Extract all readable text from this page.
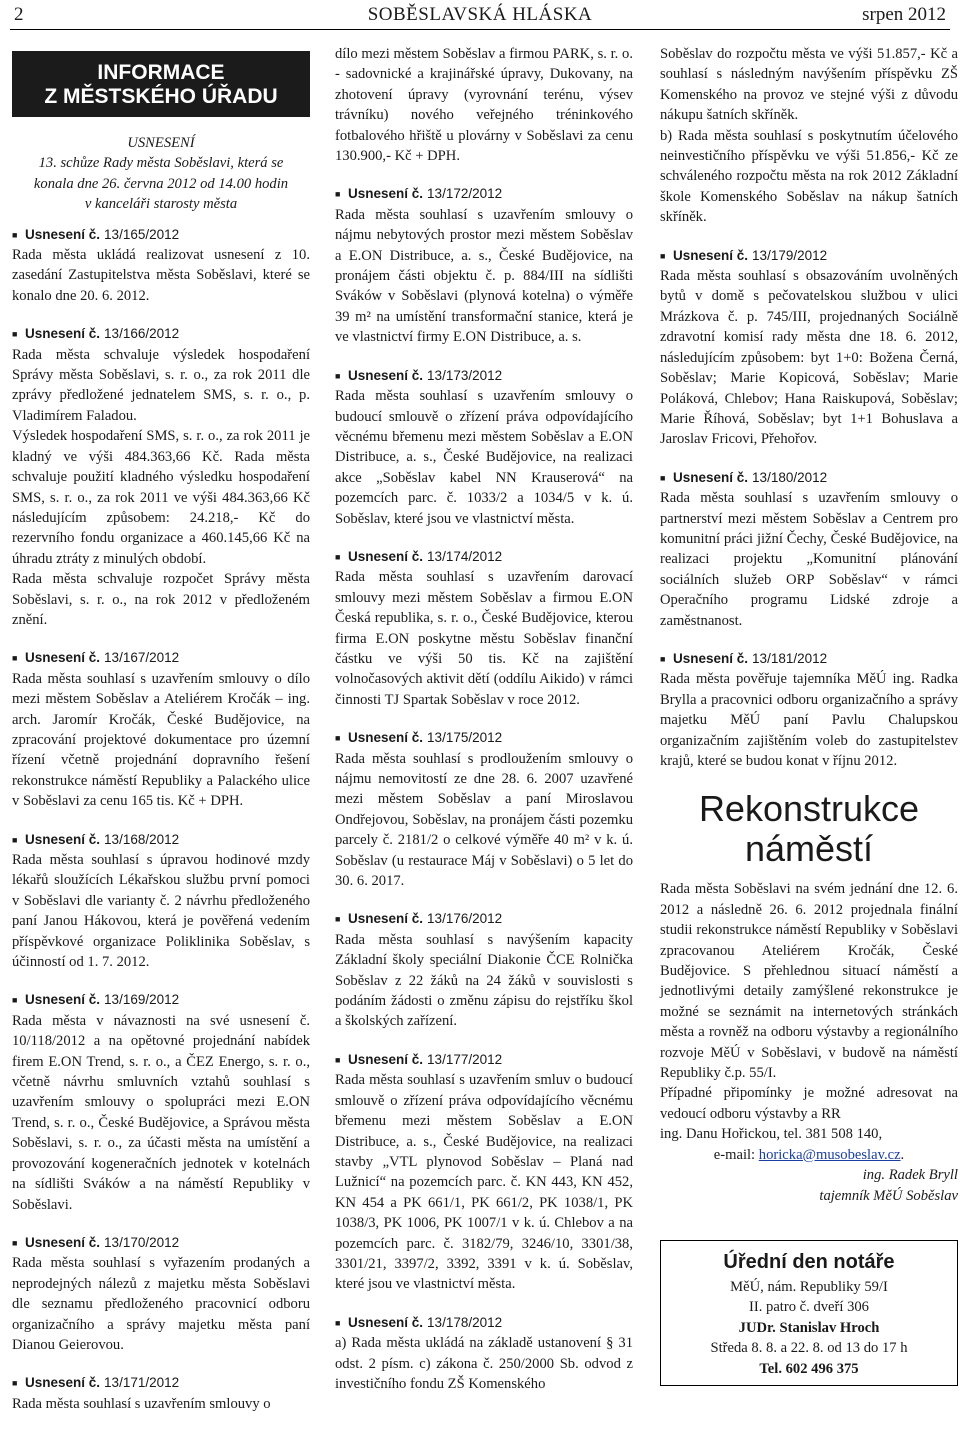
2	SOBĚSLAVSKÁ HLÁSKA	srpen 2012
INFORMACE
Z MĚSTSKÉHO ÚŘADU
USNESENÍ
13. schůze Rady města Soběslavi, která se
konala dne 26. června 2012 od 14.00 hodin
v kanceláři starosty města
■ Usnesení č. 13/165/2012
Rada města ukládá realizovat usnesení z 10. zasedání Zastupitelstva města Soběslavi, které se konalo dne 20. 6. 2012.
■ Usnesení č. 13/166/2012
Rada města schvaluje výsledek hospodaření Správy města Soběslavi, s. r. o., za rok 2011 dle zprávy předložené jednatelem SMS, s. r. o., p. Vladimírem Faladou.
Výsledek hospodaření SMS, s. r. o., za rok 2011 je kladný ve výši 484.363,66 Kč. Rada města schvaluje použití kladného výsledku hospodaření SMS, s. r. o., za rok 2011 ve výši 484.363,66 Kč následujícím způsobem: 24.218,- Kč do rezervního fondu organizace a 460.145,66 Kč na úhradu ztráty z minulých období.
Rada města schvaluje rozpočet Správy města Soběslavi, s. r. o., na rok 2012 v předloženém znění.
■ Usnesení č. 13/167/2012
Rada města souhlasí s uzavřením smlouvy o dílo mezi městem Soběslav a Ateliérem Kročák – ing. arch. Jaromír Kročák, České Budějovice, na zpracování projektové dokumentace pro územní řízení včetně projednání dopravního řešení rekonstrukce náměstí Republiky a Palackého ulice v Soběslavi za cenu 165 tis. Kč + DPH.
■ Usnesení č. 13/168/2012
Rada města souhlasí s úpravou hodinové mzdy lékařů sloužících Lékařskou službu první pomoci v Soběslavi dle varianty č. 2 návrhu předloženého paní Janou Hákovou, která je pověřená vedením příspěvkové organizace Poliklinika Soběslav, s účinností od 1. 7. 2012.
■ Usnesení č. 13/169/2012
Rada města v návaznosti na své usnesení č. 10/118/2012 a na opětovné projednání nabídek firem E.ON Trend, s. r. o., a ČEZ Energo, s. r. o., včetně návrhu smluvních vztahů souhlasí s uzavřením smlouvy o spolupráci mezi E.ON Trend, s. r. o., České Budějovice, a Správou města Soběslavi, s. r. o., za účasti města na umístění a provozování kogeneračních jednotek v kotelnách na sídlišti Sváków a na náměstí Republiky v Soběslavi.
■ Usnesení č. 13/170/2012
Rada města souhlasí s vyřazením prodaných a neprodejných nálezů z majetku města Soběslavi dle seznamu předloženého pracovnicí odboru organizačního a správy majetku města paní Dianou Geierovou.
■ Usnesení č. 13/171/2012
Rada města souhlasí s uzavřením smlouvy o
dílo mezi městem Soběslav a firmou PARK, s. r. o. - sadovnické a krajinářské úpravy, Dukovany, na zhotovení úpravy (vyrovnání terénu, výsev trávníku) nového veřejného tréninkového fotbalového hřiště u plovárny v Soběslavi za cenu 130.900,- Kč + DPH.
■ Usnesení č. 13/172/2012
Rada města souhlasí s uzavřením smlouvy o nájmu nebytových prostor mezi městem Soběslav a E.ON Distribuce, a. s., České Budějovice, na pronájem části objektu č. p. 884/III na sídlišti Sváków v Soběslavi (plynová kotelna) o výměře 39 m² na umístění transformační stanice, která je ve vlastnictví firmy E.ON Distribuce, a. s.
■ Usnesení č. 13/173/2012
Rada města souhlasí s uzavřením smlouvy o budoucí smlouvě o zřízení práva odpovídajícího věcnému břemenu mezi městem Soběslav a E.ON Distribuce, a. s., České Budějovice, na realizaci akce „Soběslav kabel NN Krauserová“ na pozemcích parc. č. 1033/2 a 1034/5 v k. ú. Soběslav, které jsou ve vlastnictví města.
■ Usnesení č. 13/174/2012
Rada města souhlasí s uzavřením darovací smlouvy mezi městem Soběslav a firmou E.ON Česká republika, s. r. o., České Budějovice, kterou firma E.ON poskytne městu Soběslav finanční částku ve výši 50 tis. Kč na zajištění volnočasových aktivit dětí (oddílu Aikido) v rámci činnosti TJ Spartak Soběslav v roce 2012.
■ Usnesení č. 13/175/2012
Rada města souhlasí s prodloužením smlouvy o nájmu nemovitostí ze dne 28. 6. 2007 uzavřené mezi městem Soběslav a paní Miroslavou Ondřejovou, Soběslav, na pronájem části pozemku parcely č. 2181/2 o celkové výměře 40 m² v k. ú. Soběslav (u restaurace Máj v Soběslavi) o 5 let do 30. 6. 2017.
■ Usnesení č. 13/176/2012
Rada města souhlasí s navýšením kapacity Základní školy speciální Diakonie ČCE Rolnička Soběslav z 22 žáků na 24 žáků v souvislosti s podáním žádosti o změnu zápisu do rejstříku škol a školských zařízení.
■ Usnesení č. 13/177/2012
Rada města souhlasí s uzavřením smluv o budoucí smlouvě o zřízení práva odpovídajícího věcnému břemenu mezi městem Soběslav a E.ON Distribuce, a. s., České Budějovice, na realizaci stavby „VTL plynovod Soběslav – Planá nad Lužnicí“ na pozemcích parc. č. KN 443, KN 452, KN 454 a PK 661/1, PK 661/2, PK 1038/1, PK 1038/3, PK 1006, PK 1007/1 v k. ú. Chlebov a na pozemcích parc. č. 3182/79, 3246/10, 3301/38, 3301/21, 3397/2, 3392, 3391 v k. ú. Soběslav, které jsou ve vlastnictví města.
■ Usnesení č. 13/178/2012
a) Rada města ukládá na základě ustanovení § 31 odst. 2 písm. c) zákona č. 250/2000 Sb. odvod z investičního fondu ZŠ Komenského
Soběslav do rozpočtu města ve výši 51.857,- Kč a souhlasí s následným navýšením příspěvku ZŠ Komenského na provoz ve stejné výši z důvodu nákupu šatních skříněk.
b) Rada města souhlasí s poskytnutím účelového neinvestičního příspěvku ve výši 51.856,- Kč ze schváleného rozpočtu města na rok 2012 Základní škole Komenského Soběslav na nákup šatních skříněk.
■ Usnesení č. 13/179/2012
Rada města souhlasí s obsazováním uvolněných bytů v domě s pečovatelskou službou v ulici Mrázkova č. p. 745/III, projednaných Sociálně zdravotní komisí rady města dne 18. 6. 2012, následujícím způsobem: byt 1+0: Božena Černá, Soběslav; Marie Kopicová, Soběslav; Marie Poláková, Chlebov; Hana Raiskupová, Soběslav; Marie Říhová, Soběslav; byt 1+1 Bohuslava a Jaroslav Fricovi, Přehořov.
■ Usnesení č. 13/180/2012
Rada města souhlasí s uzavřením smlouvy o partnerství mezi městem Soběslav a Centrem pro komunitní práci jižní Čechy, České Budějovice, na realizaci projektu „Komunitní plánování sociálních služeb ORP Soběslav“ v rámci Operačního programu Lidské zdroje a zaměstnanost.
■ Usnesení č. 13/181/2012
Rada města pověřuje tajemníka MěÚ ing. Radka Brylla a pracovnici odboru organizačního a správy majetku MěÚ paní Pavlu Chalupskou organizačním zajištěním voleb do zastupitelstev krajů, které se budou konat v říjnu 2012.
Rekonstrukce
náměstí
Rada města Soběslavi na svém jednání dne 12. 6. 2012 a následně 26. 6. 2012 projednala finální studii rekonstrukce náměstí Republiky v Soběslavi zpracovanou Ateliérem Kročák, České Budějovice. S přehlednou situací náměstí a jednotlivými detaily zamýšlené rekonstrukce je možné se seznámit na internetových stránkách města a rovněž na odboru výstavby a regionálního rozvoje MěÚ v Soběslavi, v budově na náměstí Republiky č.p. 55/I.
Případné připomínky je možné adresovat na vedoucí odboru výstavby a RR
ing. Danu Hořickou, tel. 381 508 140,
e-mail: horicka@musobeslav.cz.
ing. Radek Bryll
tajemník MěÚ Soběslav
Úřední den notáře
MěÚ, nám. Republiky 59/I
II. patro č. dveří 306
JUDr. Stanislav Hroch
Středa 8. 8. a 22. 8. od 13 do 17 h
Tel. 602 496 375
